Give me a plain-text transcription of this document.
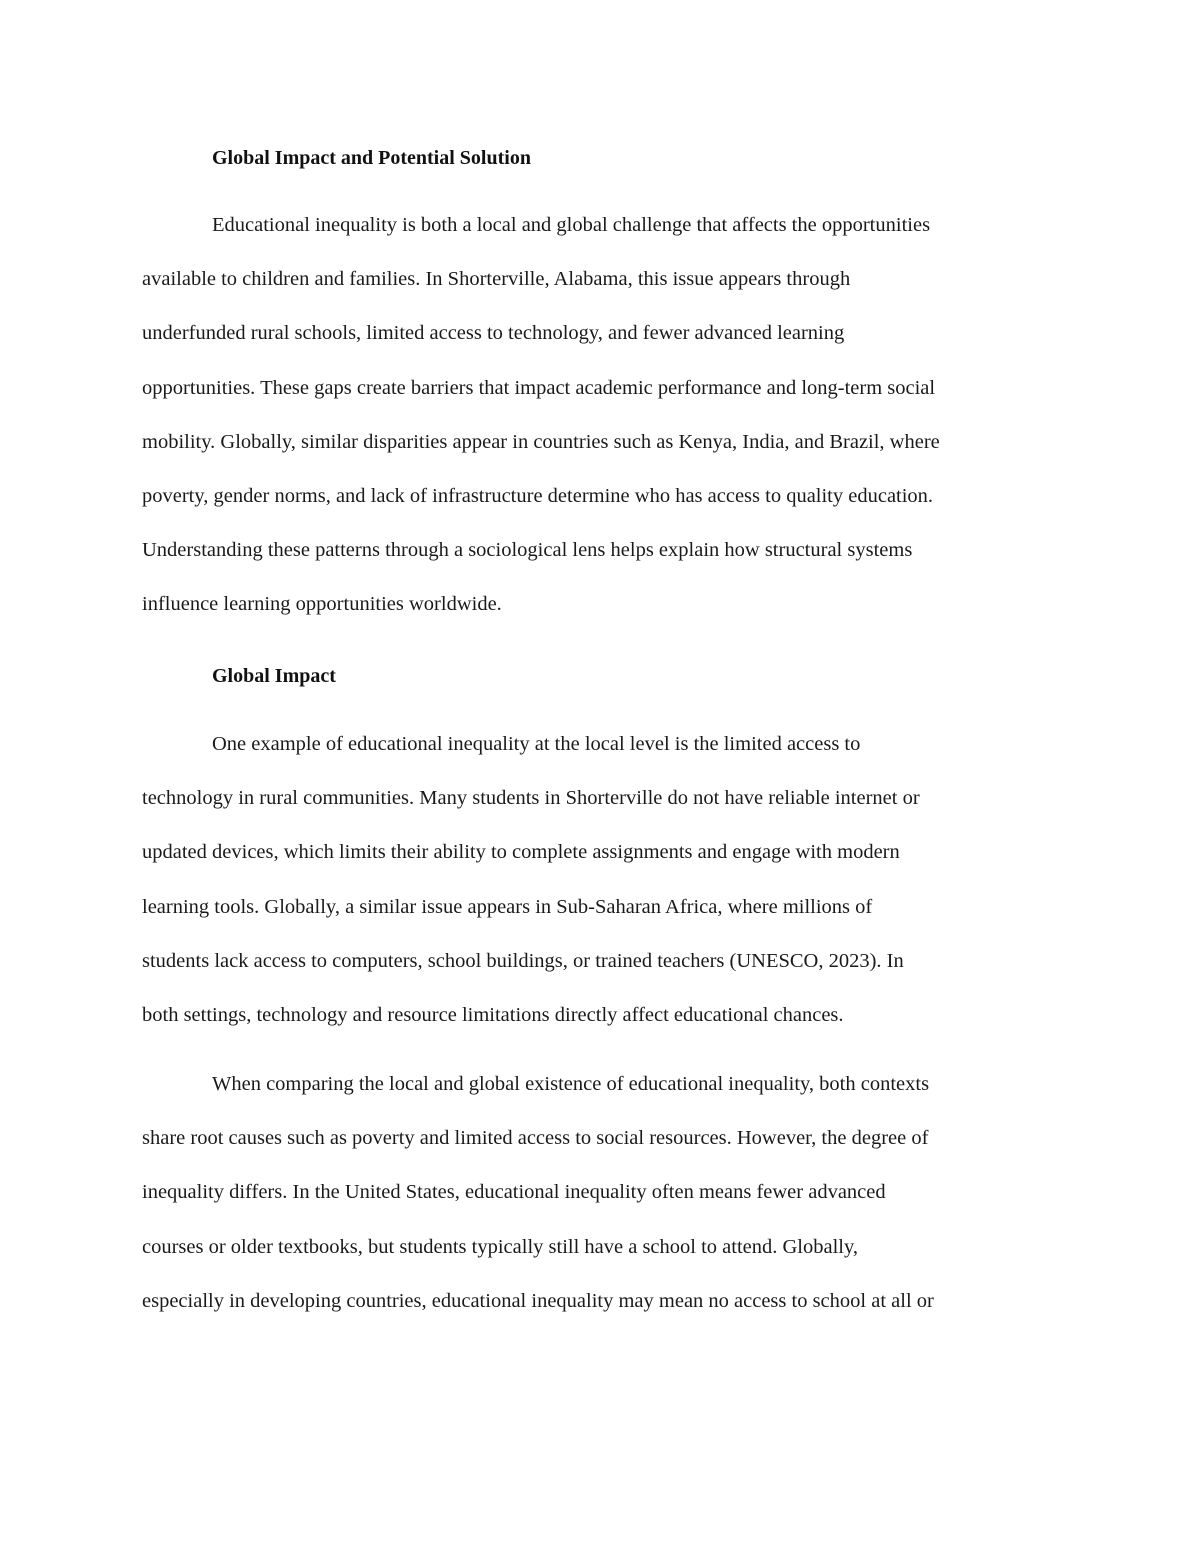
Global Impact and Potential Solution
Educational inequality is both a local and global challenge that affects the opportunities
available to children and families. In Shorterville, Alabama, this issue appears through
underfunded rural schools, limited access to technology, and fewer advanced learning
opportunities. These gaps create barriers that impact academic performance and long-term social
mobility. Globally, similar disparities appear in countries such as Kenya, India, and Brazil, where
poverty, gender norms, and lack of infrastructure determine who has access to quality education.
Understanding these patterns through a sociological lens helps explain how structural systems
influence learning opportunities worldwide.
Global Impact
One example of educational inequality at the local level is the limited access to
technology in rural communities. Many students in Shorterville do not have reliable internet or
updated devices, which limits their ability to complete assignments and engage with modern
learning tools. Globally, a similar issue appears in Sub-Saharan Africa, where millions of
students lack access to computers, school buildings, or trained teachers (UNESCO, 2023). In
both settings, technology and resource limitations directly affect educational chances.
When comparing the local and global existence of educational inequality, both contexts
share root causes such as poverty and limited access to social resources. However, the degree of
inequality differs. In the United States, educational inequality often means fewer advanced
courses or older textbooks, but students typically still have a school to attend. Globally,
especially in developing countries, educational inequality may mean no access to school at all or
